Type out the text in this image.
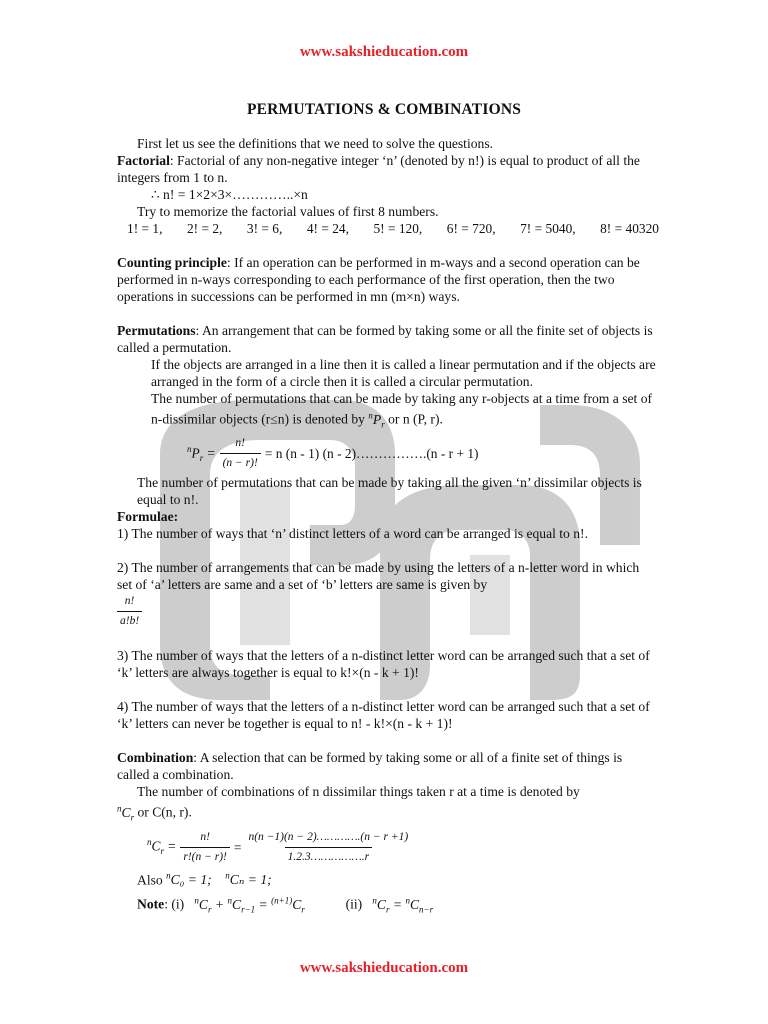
www.sakshieducation.com
PERMUTATIONS & COMBINATIONS

First let us see the definitions that we need to solve the questions.

Factorial: Factorial of any non-negative integer ‘n’ (denoted by n!) is equal to product of all the integers from 1 to n.

∴ n! = 1×2×3×…………..×n

Try to memorize the factorial values of first 8 numbers.

1! = 1, 2! = 2, 3! = 6, 4! = 24, 5! = 120, 6! = 720, 7! = 5040, 8! = 40320

Counting principle: If an operation can be performed in m-ways and a second operation can be performed in n-ways corresponding to each performance of the first operation, then the two operations in successions can be performed in mn (m×n) ways.

Permutations: An arrangement that can be formed by taking some or all the finite set of objects is called a permutation.

If the objects are arranged in a line then it is called a linear permutation and if the objects are arranged in the form of a circle then it is called a circular permutation.

The number of permutations that can be made by taking any r-objects at a time from a set of n-dissimilar objects (r≤n) is denoted by $^nP_r$ or n (P, r).

$^nP_r = \frac{n!}{(n - r)!} = n$ (n - 1) (n - 2)…………….(n - r + 1)

The number of permutations that can be made by taking all the given ‘n’ dissimilar objects is equal to n!.

Formulae:

1) The number of ways that ‘n’ distinct letters of a word can be arranged is equal to n!.

2) The number of arrangements that can be made by using the letters of a n-letter word in which set of ‘a’ letters are same and a set of ‘b’ letters are same is given by

$\frac{n!}{a!b!}$

3) The number of ways that the letters of a n-distinct letter word can be arranged such that a set of ‘k’ letters are always together is equal to k!×(n - k + 1)!

4) The number of ways that the letters of a n-distinct letter word can be arranged such that a set of ‘k’ letters can never be together is equal to n! - k!×(n - k + 1)!

Combination: A selection that can be formed by taking some or all of a finite set of things is called a combination.

The number of combinations of n dissimilar things taken r at a time is denoted by

$^nC_r$ or C(n, r).

$^nC_r = \frac{n!}{r!(n - r)!} = \frac{n(n -1)(n - 2)\dots\dots\dots\dots.(n - r +1)}{1.2.3\dots\dots\dots\dots\dots.r}$

Also $^n$C₀ = 1; $^n$Cₙ = 1;

Note: (i) $^nC_r + ^nC_{r-1} = ^{(n+1)}C_r$	(ii) $^nC_r = ^nC_{n-r}$

www.sakshieducation.com
